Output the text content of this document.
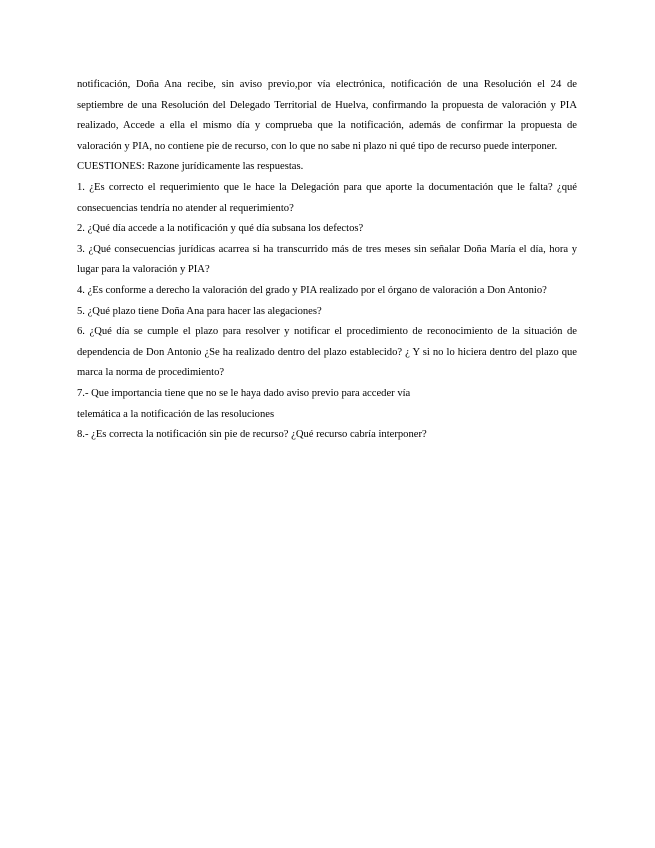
notificación, Doña Ana recibe, sin aviso previo,por vía electrónica, notificación de una Resolución el 24 de septiembre de una Resolución del Delegado Territorial de Huelva, confirmando la propuesta de valoración y PIA realizado, Accede a ella el mismo día y comprueba que la notificación, además de confirmar la propuesta de valoración y PIA, no contiene pie de recurso, con lo que no sabe ni plazo ni qué tipo de recurso puede interponer.

CUESTIONES: Razone jurídicamente las respuestas.

1. ¿Es correcto el requerimiento que le hace la Delegación para que aporte la documentación que le falta? ¿qué consecuencias tendría no atender al requerimiento?

2. ¿Qué día accede a la notificación y qué día subsana los defectos?

3. ¿Qué consecuencias jurídicas acarrea si ha transcurrido más de tres meses sin señalar Doña María el día, hora y lugar para la valoración y PIA?

4. ¿Es conforme a derecho la valoración del grado y PIA realizado por el órgano de valoración a Don Antonio?

5. ¿Qué plazo tiene Doña Ana para hacer las alegaciones?

6. ¿Qué día se cumple el plazo para resolver y notificar el procedimiento de reconocimiento de la situación de dependencia de Don Antonio ¿Se ha realizado dentro del plazo establecido? ¿ Y si no lo hiciera dentro del plazo que marca la norma de procedimiento?

7.- Que importancia tiene que no se le haya dado aviso previo para acceder vía

telemática a la notificación de las resoluciones

8.- ¿Es correcta la notificación sin pie de recurso? ¿Qué recurso cabría interponer?
